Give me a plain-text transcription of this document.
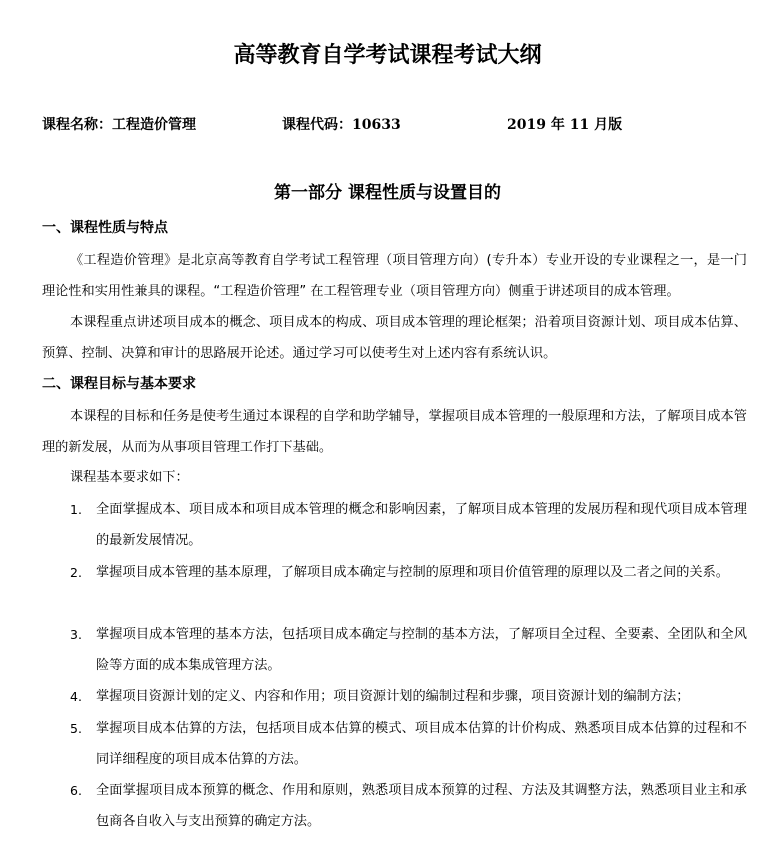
高等教育自学考试课程考试大纲
课程名称：工程造价管理	课程代码：10633	2019 年 11 月版
第一部分 课程性质与设置目的
一、课程性质与特点
《工程造价管理》是北京高等教育自学考试工程管理（项目管理方向）(专升本）专业开设的专业课程之一，是一门理论性和实用性兼具的课程。“工程造价管理” 在工程管理专业（项目管理方向）侧重于讲述项目的成本管理。
本课程重点讲述项目成本的概念、项目成本的构成、项目成本管理的理论框架；沿着项目资源计划、项目成本估算、预算、控制、决算和审计的思路展开论述。通过学习可以使考生对上述内容有系统认识。
二、课程目标与基本要求
本课程的目标和任务是使考生通过本课程的自学和助学辅导，掌握项目成本管理的一般原理和方法，了解项目成本管理的新发展，从而为从事项目管理工作打下基础。
课程基本要求如下：
1.	全面掌握成本、项目成本和项目成本管理的概念和影响因素，了解项目成本管理的发展历程和现代项目成本管理的最新发展情况。
2.	掌握项目成本管理的基本原理，了解项目成本确定与控制的原理和项目价值管理的原理以及二者之间的关系。
3.	掌握项目成本管理的基本方法，包括项目成本确定与控制的基本方法，了解项目全过程、全要素、全团队和全风险等方面的成本集成管理方法。
4.	掌握项目资源计划的定义、内容和作用；项目资源计划的编制过程和步骤，项目资源计划的编制方法；
5.	掌握项目成本估算的方法，包括项目成本估算的模式、项目成本估算的计价构成、熟悉项目成本估算的过程和不同详细程度的项目成本估算的方法。
6.	全面掌握项目成本预算的概念、作用和原则，熟悉项目成本预算的过程、方法及其调整方法，熟悉项目业主和承包商各自收入与支出预算的确定方法。
